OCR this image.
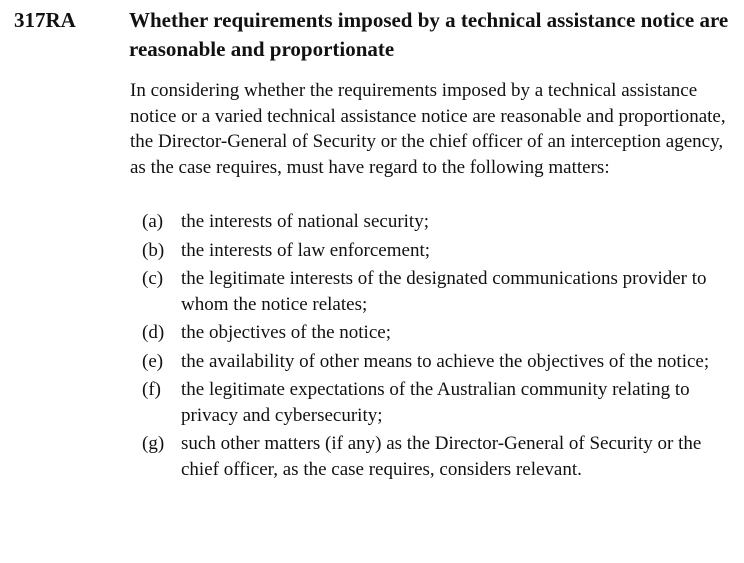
317RA	Whether requirements imposed by a technical assistance notice are reasonable and proportionate

In considering whether the requirements imposed by a technical assistance notice or a varied technical assistance notice are reasonable and proportionate, the Director-General of Security or the chief officer of an interception agency, as the case requires, must have regard to the following matters:

(a) the interests of national security;
(b) the interests of law enforcement;
(c) the legitimate interests of the designated communications provider to whom the notice relates;
(d) the objectives of the notice;
(e) the availability of other means to achieve the objectives of the notice;
(f) the legitimate expectations of the Australian community relating to privacy and cybersecurity;
(g) such other matters (if any) as the Director-General of Security or the chief officer, as the case requires, considers relevant.
